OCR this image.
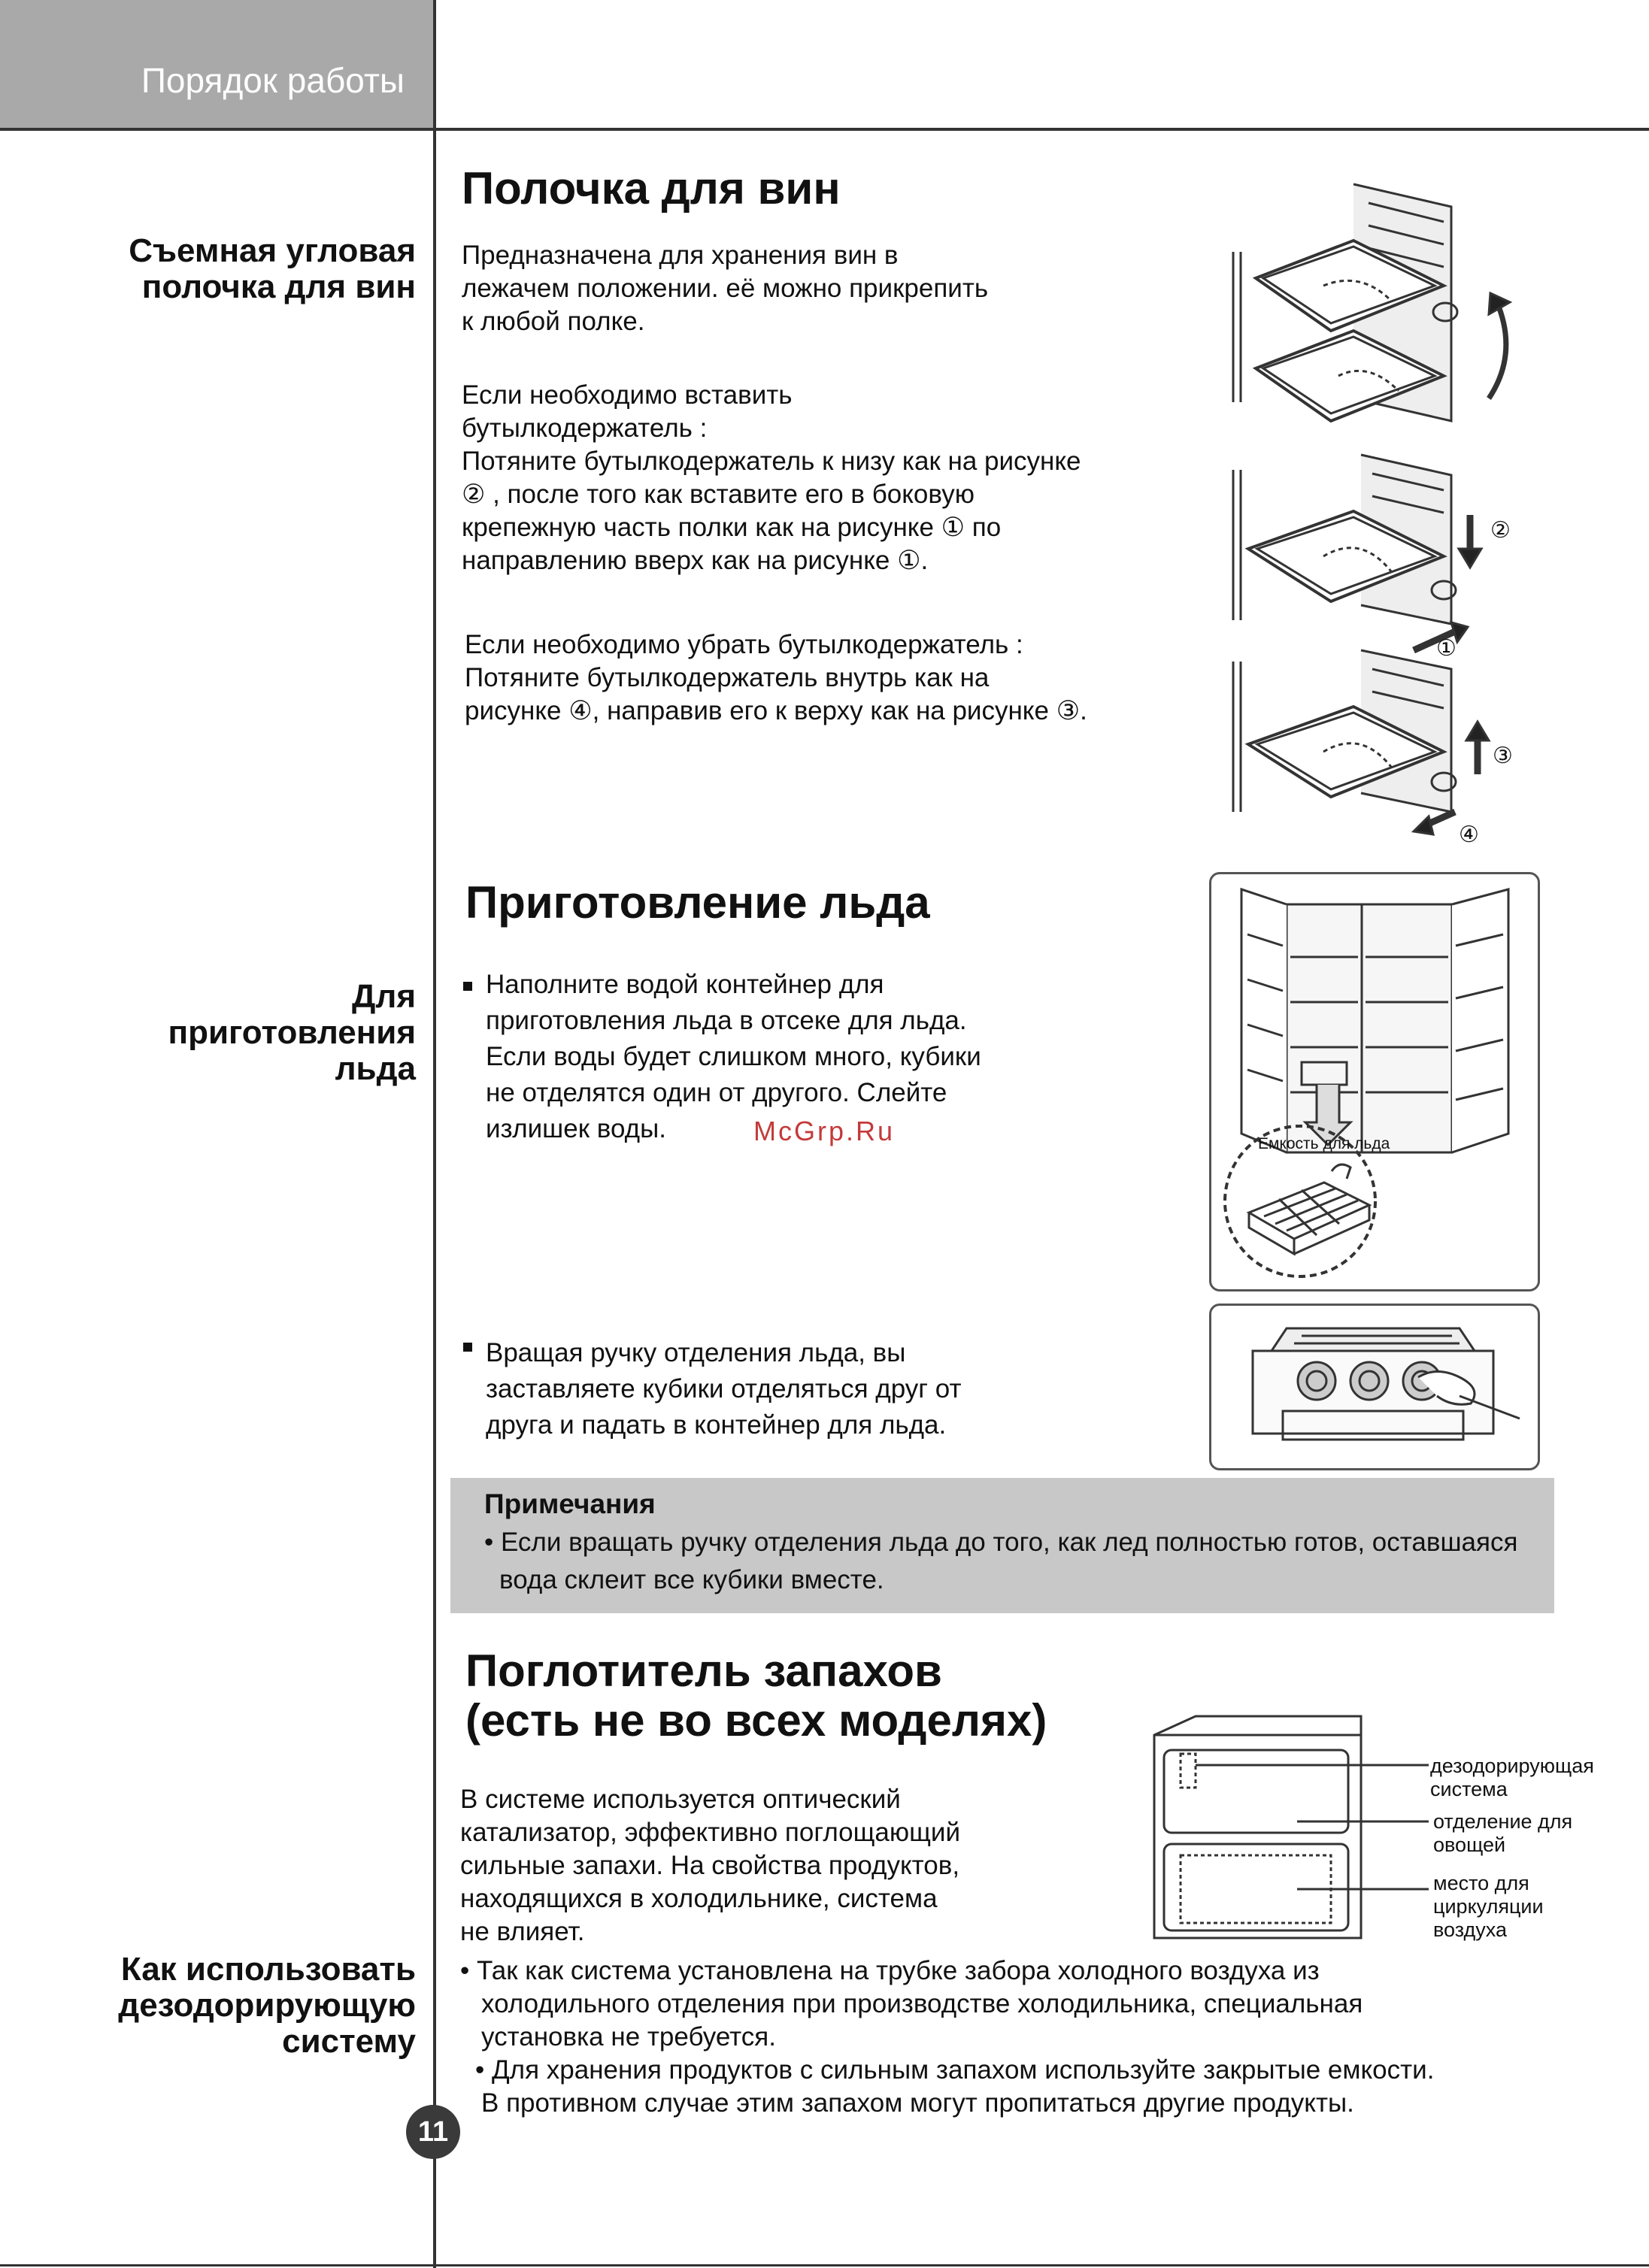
Порядок работы
Съемная угловая
полочка для вин
Полочка для вин
Предназначена для хранения вин в
лежачем положении. её можно прикрепить
к любой полке.
Если необходимо вставить
бутылкодержатель :
Потяните бутылкодержатель к низу как на рисунке
② , после того как вставите его в боковую
крепежную часть полки как на рисунке ① по
направлению вверх как на рисунке ①.
Если необходимо убрать бутылкодержатель :
Потяните бутылкодержатель внутрь как на
рисунке ④, направив его к верху как на рисунке ③.
②
①
③
④
Для
приготовления
льда
Приготовление льда
Наполните водой контейнер для
приготовления льда в отсеке для льда.
Если воды будет слишком много, кубики
не отделятся один от другого. Слейте
излишек воды.	McGrp.Ru
Вращая ручку отделения льда, вы
заставляете кубики отделяться друг от
друга и падать в контейнер для льда.
Емкость для льда
Примечания
• Если вращать ручку отделения льда до того, как лед полностью готов, оставшаяся
вода склеит все кубики вместе.
Поглотитель запахов
(есть не во всех моделях)
В системе используется оптический
катализатор, эффективно поглощающий
сильные запахи. На свойства продуктов,
находящихся в холодильнике, система
не влияет.
дезодорирующая
система
отделение для
овощей
место для
циркуляции
воздуха
Как использовать
дезодорирующую
систему
• Так как система установлена на трубке забора холодного воздуха из
холодильного отделения при производстве холодильника, специальная
установка не требуется.
• Для хранения продуктов с сильным запахом используйте закрытые емкости.
В противном случае этим запахом могут пропитаться другие продукты.
11
